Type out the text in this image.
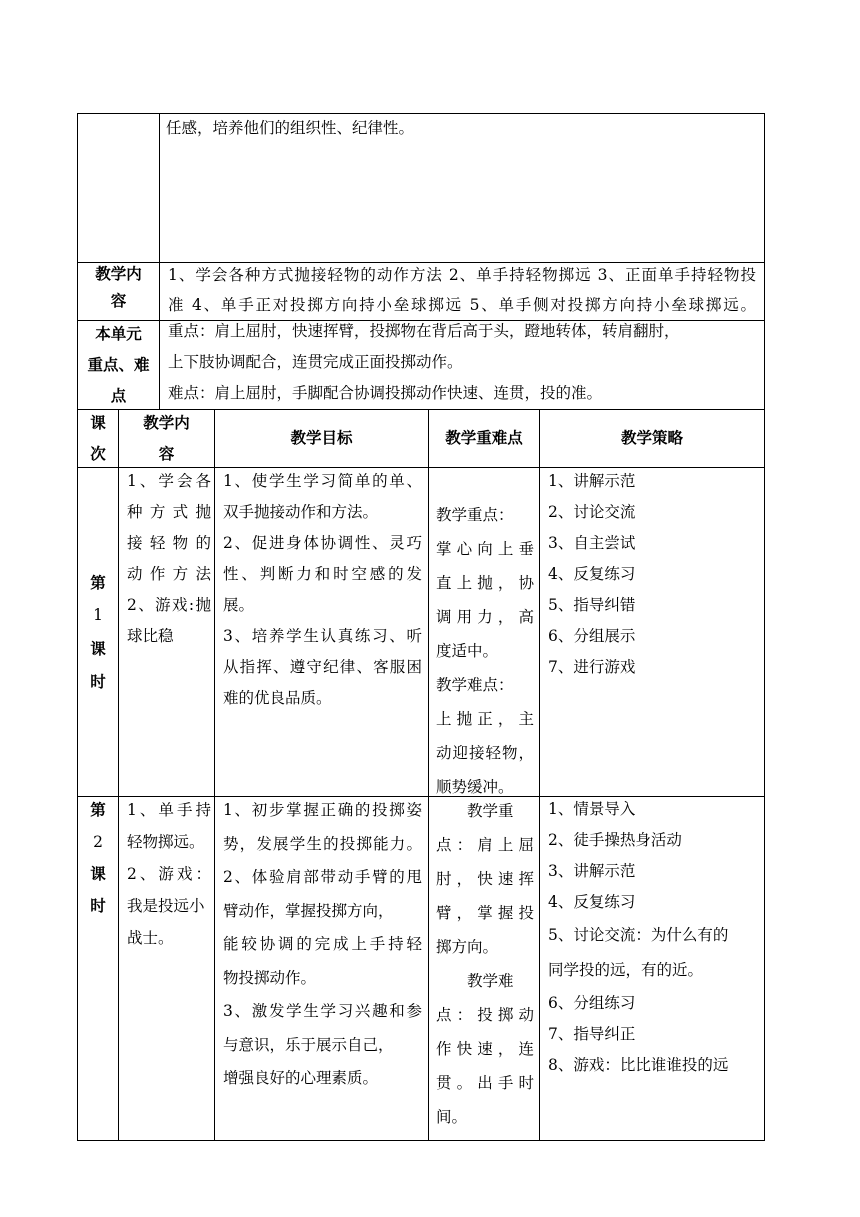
任感，培养他们的组织性、纪律性。
教学内
容
1、学会各种方式抛接轻物的动作方法 2、单手持轻物掷远 3、正面单手持轻物投
准 4、单手正对投掷方向持小垒球掷远 5、单手侧对投掷方向持小垒球掷远。
本单元
重点、难
点
重点：肩上屈肘，快速挥臂，投掷物在背后高于头，蹬地转体，转肩翻肘，
上下肢协调配合，连贯完成正面投掷动作。
难点：肩上屈肘，手脚配合协调投掷动作快速、连贯，投的准。
课
次
教学内
容
教学目标	教学重难点	教学策略
第
1
课
时
1、学会各
种方式抛
接轻物的
动作方法
2、游戏:抛
球比稳
1、使学生学习简单的单、
双手抛接动作和方法。
2、促进身体协调性、灵巧
性、判断力和时空感的发
展。
3、培养学生认真练习、听
从指挥、遵守纪律、客服困
难的优良品质。
教学重点：
掌心向上垂
直上抛，协
调用力，高
度适中。
教学难点：
上抛正，主
动迎接轻物，
顺势缓冲。
1、讲解示范
2、讨论交流
3、自主尝试
4、反复练习
5、指导纠错
6、分组展示
7、进行游戏
第
2
课
时
1、单手持
轻物掷远。
2、游戏：
我是投远小
战士。
1、初步掌握正确的投掷姿
势，发展学生的投掷能力。
2、体验肩部带动手臂的甩
臂动作，掌握投掷方向，
能较协调的完成上手持轻
物投掷动作。
3、激发学生学习兴趣和参
与意识，乐于展示自己，
增强良好的心理素质。
教学重
点：肩上屈
肘，快速挥
臂，掌握投
掷方向。
教学难
点：投掷动
作快速，连
贯。出手时
间。
1、情景导入
2、徒手操热身活动
3、讲解示范
4、反复练习
5、讨论交流：为什么有的
同学投的远，有的近。
6、分组练习
7、指导纠正
8、游戏：比比谁谁投的远
